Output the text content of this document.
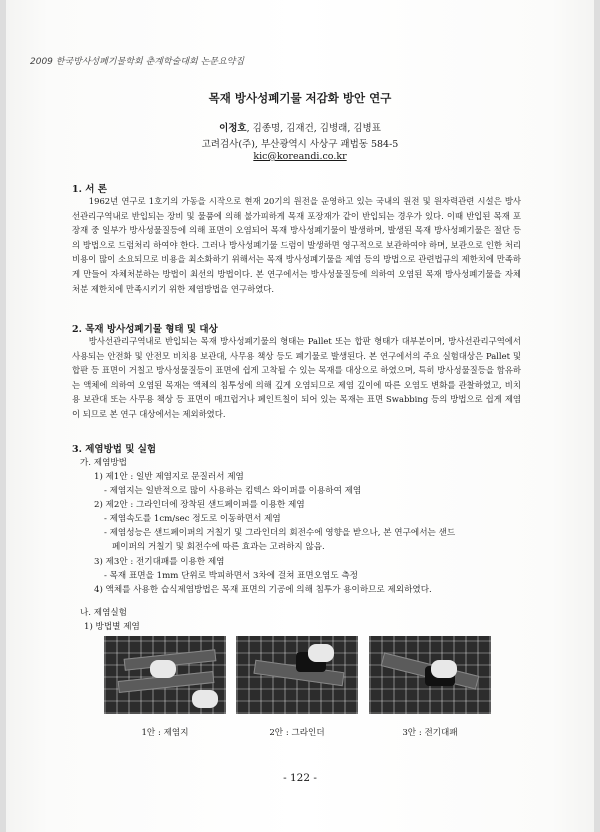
2009 한국방사성폐기물학회 춘계학술대회 논문요약집
목재 방사성폐기물 저감화 방안 연구
이정호, 김종명, 김재건, 김병래, 김병표
고려검사(주), 부산광역시 사상구 괘법동 584-5
kic@koreandi.co.kr
1. 서 론
1962년 연구로 1호기의 가동을 시작으로 현재 20기의 원전을 운영하고 있는 국내의 원전 및 원자력관련 시설은 방사선관리구역내로 반입되는 장비 및 물품에 의해 불가피하게 목재 포장재가 같이 반입되는 경우가 있다. 이때 반입된 목재 포장재 중 일부가 방사성물질등에 의해 표면이 오염되어 목재 방사성폐기물이 발생하며, 발생된 목재 방사성폐기물은 절단 등의 방법으로 드럼처리 하여야 한다. 그러나 방사성폐기물 드럼이 발생하면 영구적으로 보관하여야 하며, 보관으로 인한 처리비용이 많이 소요되므로 비용을 최소화하기 위해서는 목재 방사성폐기물을 제염 등의 방법으로 관련법규의 제한치에 만족하게 만들어 자체처분하는 방법이 최선의 방법이다. 본 연구에서는 방사성물질등에 의하여 오염된 목재 방사성폐기물을 자체처분 제한치에 만족시키기 위한 제염방법을 연구하였다.
2. 목재 방사성폐기물 형태 및 대상
방사선관리구역내로 반입되는 목재 방사성폐기물의 형태는 Pallet 또는 합판 형태가 대부분이며, 방사선관리구역에서 사용되는 안전화 및 안전모 비치용 보관대, 사무용 책상 등도 폐기물로 발생된다. 본 연구에서의 주요 실험대상은 Pallet 및 합판 등 표면이 거칠고 방사성물질등이 표면에 쉽게 고착될 수 있는 목재를 대상으로 하였으며, 특히 방사성물질등을 함유하는 액체에 의하여 오염된 목재는 액체의 침투성에 의해 깊게 오염되므로 제염 깊이에 따른 오염도 변화를 관찰하였고, 비치용 보관대 또는 사무용 책상 등 표면이 매끄럽거나 페인트칠이 되어 있는 목재는 표면 Swabbing 등의 방법으로 쉽게 제염이 되므로 본 연구 대상에서는 제외하였다.
3. 제염방법 및 실험
가. 제염방법
1) 제1안 : 일반 제염지로 문질러서 제염
- 제염지는 일반적으로 많이 사용하는 킴텍스 와이퍼를 이용하여 제염
2) 제2안 : 그라인더에 장착된 샌드페이퍼를 이용한 제염
- 제염속도를 1cm/sec 정도로 이동하면서 제염
- 제염성능은 샌드페이퍼의 거칠기 및 그라인더의 회전수에 영향을 받으나, 본 연구에서는 샌드
페이퍼의 거칠기 및 회전수에 따른 효과는 고려하지 않음.
3) 제3안 : 전기대패를 이용한 제염
- 목재 표면을 1mm 단위로 박피하면서 3차에 걸쳐 표면오염도 측정
4) 액체를 사용한 습식제염방법은 목재 표면의 기공에 의해 침투가 용이하므로 제외하였다.
나. 제염실험
1) 방법별 제염
1안 : 제염지	2안 : 그라인더	3안 : 전기대패
- 122 -
